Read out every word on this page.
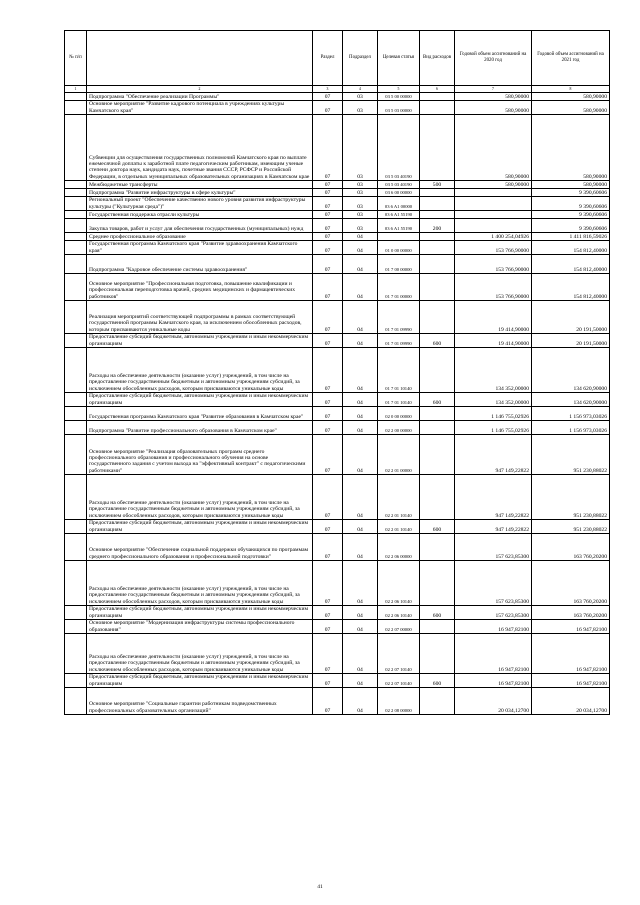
№ п/п		Раздел	Подраздел	Целевая статья	Вид расходов	Годовой объем ассигнований на 2020 год	Годовой объем ассигнований на 2021 год
1	2	3	4	5	6	7	8
	Подпрограмма "Обеспечение реализации Программы"	07	03	03 5 00 00000		580,90000	580,90000
	Основное мероприятие "Развитие кадрового потенциала в учреждениях культуры Камчатского края"	07	03	03 5 03 00000		580,90000	580,90000
	Субвенции для осуществления государственных полномочий Камчатского края по выплате ежемесячной доплаты к заработной плате педагогическим работникам, имеющим ученые степени доктора наук, кандидата наук, почетные звания СССР, РСФСР и Российской Федерации, в отдельных муниципальных образовательных организациях в Камчатском крае	07	03	03 5 03 40190		580,90000	580,90000
	Межбюджетные трансферты	07	03	03 5 03 40190	500	580,90000	580,90000
	Подпрограмма "Развитие инфраструктуры в сфере культуры"	07	03	03 6 00 00000			9 390,60606
	Региональный проект "Обеспечение качественно нового уровня развития инфраструктуры культуры ("Культурная среда")"	07	03	03 6 A1 00000			9 390,60606
	Государственная поддержка отрасли культуры	07	03	03 6 A1 55190			9 390,60606
	Закупка товаров, работ и услуг для обеспечения государственных (муниципальных) нужд	07	03	03 6 A1 55190	200		9 390,60606
	Среднее профессиональное образование	07	04			1 400 254,04926	1 411 816,59026
	Государственная программа Камчатского края "Развитие здравоохранения Камчатского края"	07	04	01 0 00 00000		153 766,90000	154 812,40000
	Подпрограмма "Кадровое обеспечение системы здравоохранения"	07	04	01 7 00 00000		153 766,90000	154 812,40000
	Основное мероприятие "Профессиональная подготовка, повышение квалификации и профессиональная переподготовка врачей, средних медицинских и фармацевтических работников"	07	04	01 7 01 00000		153 766,90000	154 812,40000
	Реализация мероприятий соответствующей подпрограммы в рамках соответствующей государственной программы Камчатского края, за исключением обособленных расходов, которым присваиваются уникальные коды	07	04	01 7 01 09990		19 414,90000	20 191,50000
	Предоставление субсидий бюджетным, автономным учреждениям и иным некоммерческим организациям	07	04	01 7 01 09990	600	19 414,90000	20 191,50000
	Расходы на обеспечение деятельности (оказание услуг) учреждений, в том числе на предоставление государственным бюджетным и автономным учреждениям субсидий, за исключением обособленных расходов, которым присваиваются уникальные коды	07	04	01 7 01 10140		134 352,00000	134 620,90000
	Предоставление субсидий бюджетным, автономным учреждениям и иным некоммерческим организациям	07	04	01 7 01 10140	600	134 352,00000	134 620,90000
	Государственная программа Камчатского края "Развитие образования в Камчатском крае"	07	04	02 0 00 00000		1 146 755,02926	1 156 973,03026
	Подпрограмма "Развитие профессионального образования в Камчатском крае"	07	04	02 2 00 00000		1 146 755,02926	1 156 973,03026
	Основное мероприятие "Реализация образовательных программ среднего профессионального образования и профессионального обучения на основе государственного задания с учетом выхода на "эффективный контракт" с педагогическими работниками"	07	04	02 2 01 00000		947 149,22822	951 230,88022
	Расходы на обеспечение деятельности (оказание услуг) учреждений, в том числе на предоставление государственным бюджетным и автономным учреждениям субсидий, за исключением обособленных расходов, которым присваиваются уникальные коды	07	04	02 2 01 10140		947 149,22822	951 230,88022
	Предоставление субсидий бюджетным, автономным учреждениям и иным некоммерческим организациям	07	04	02 2 01 10140	600	947 149,22822	951 230,88022
	Основное мероприятие "Обеспечение социальной поддержки обучающихся по программам среднего профессионального образования и профессиональной подготовки"	07	04	02 2 06 00000		157 623,85300	163 760,20200
	Расходы на обеспечение деятельности (оказание услуг) учреждений, в том числе на предоставление государственным бюджетным и автономным учреждениям субсидий, за исключением обособленных расходов, которым присваиваются уникальные коды	07	04	02 2 06 10140		157 623,85300	163 760,20200
	Предоставление субсидий бюджетным, автономным учреждениям и иным некоммерческим организациям	07	04	02 2 06 10140	600	157 623,85300	163 760,20200
	Основное мероприятие "Модернизация инфраструктуры системы профессионального образования"	07	04	02 2 07 00000		16 947,82100	16 947,82100
	Расходы на обеспечение деятельности (оказание услуг) учреждений, в том числе на предоставление государственным бюджетным и автономным учреждениям субсидий, за исключением обособленных расходов, которым присваиваются уникальные коды	07	04	02 2 07 10140		16 947,82100	16 947,82100
	Предоставление субсидий бюджетным, автономным учреждениям и иным некоммерческим организациям	07	04	02 2 07 10140	600	16 947,82100	16 947,82100
	Основное мероприятие "Социальные гарантии работникам подведомственных профессиональных образовательных организаций"	07	04	02 2 08 00000		20 034,12700	20 034,12700
41
